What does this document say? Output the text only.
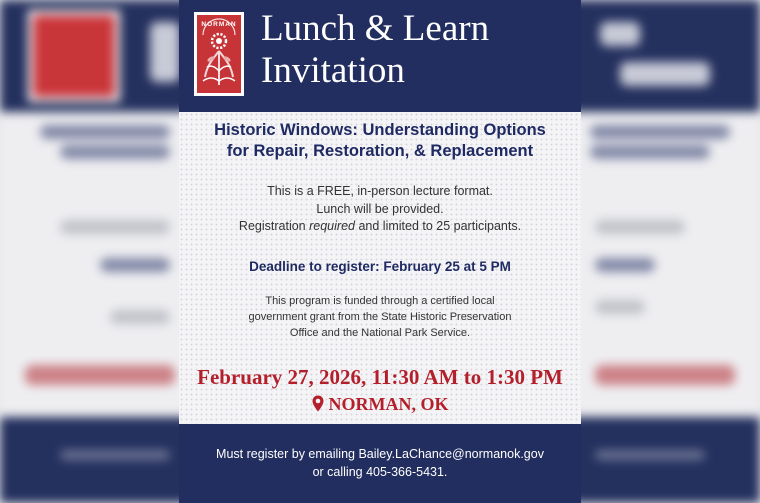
NORMAN Lunch & Learn
Invitation
Historic Windows: Understanding Options
for Repair, Restoration, & Replacement
This is a FREE, in-person lecture format.
Lunch will be provided.
Registration required and limited to 25 participants.
Deadline to register: February 25 at 5 PM
This program is funded through a certified local
government grant from the State Historic Preservation
Office and the National Park Service.
February 27, 2026, 11:30 AM to 1:30 PM
NORMAN, OK
Must register by emailing Bailey.LaChance@normanok.gov
or calling 405-366-5431.
